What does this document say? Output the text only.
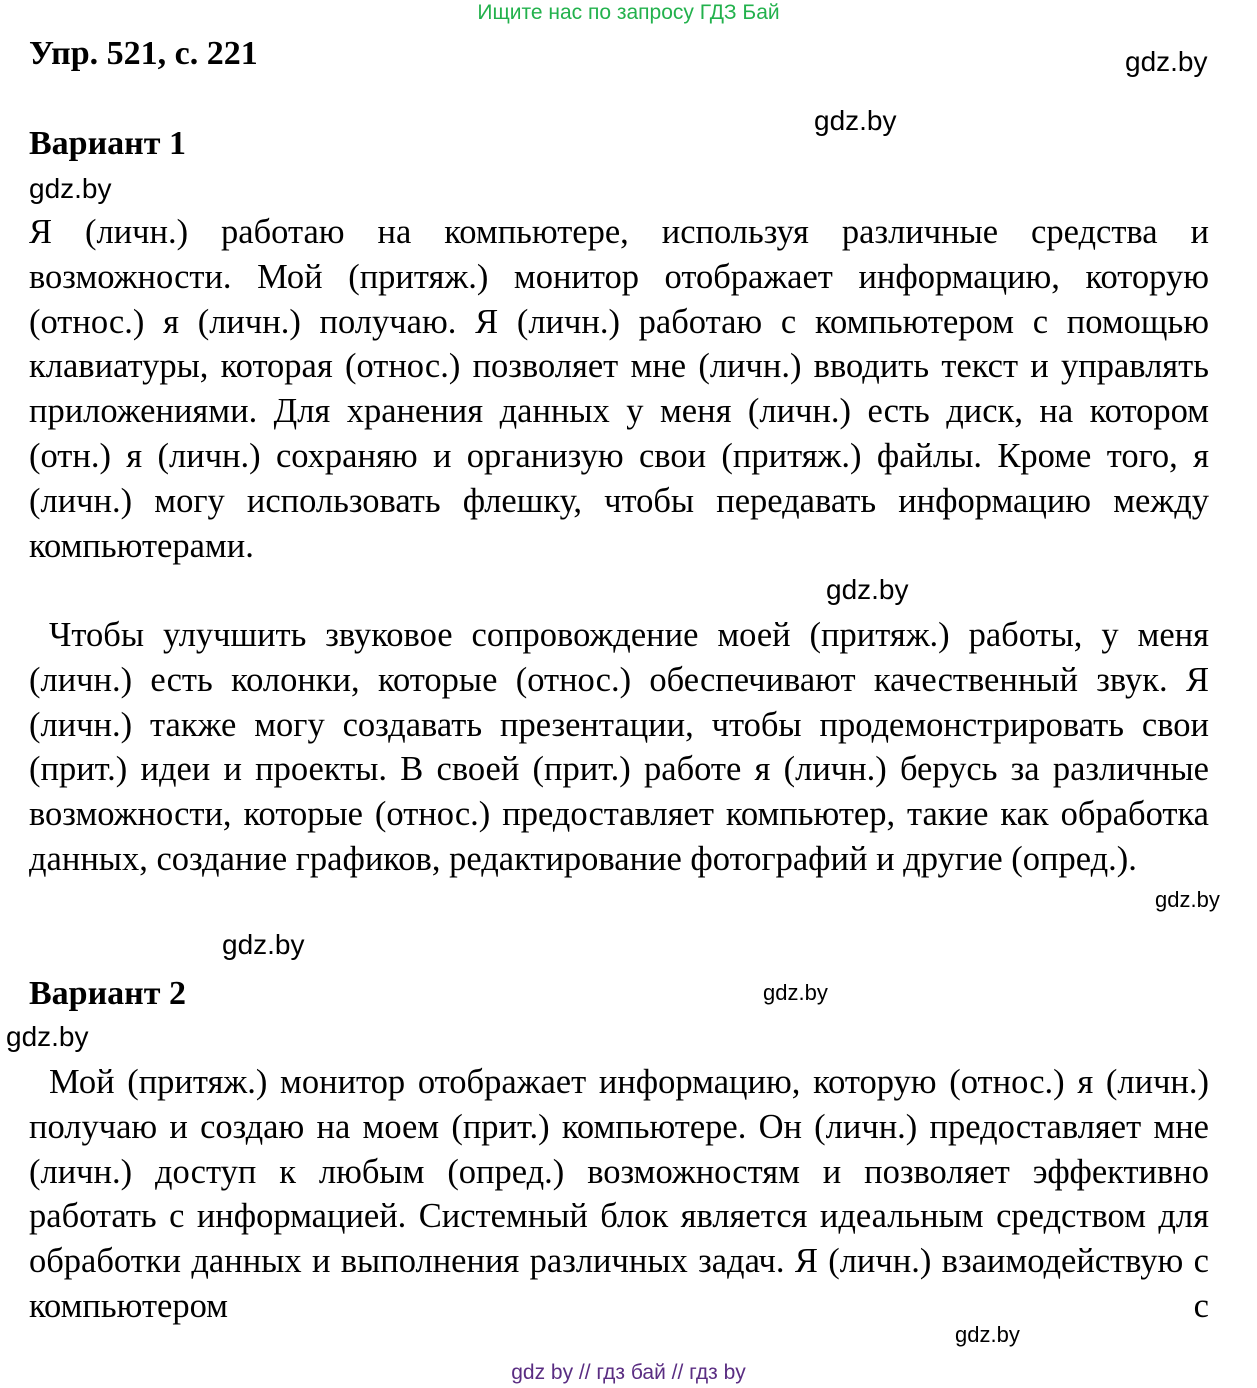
Ищите нас по запросу ГДЗ Бай
Упр. 521, с. 221	gdz.by
gdz.by
Вариант 1
gdz.by

Я (личн.) работаю на компьютере, используя различные средства и возможности. Мой (притяж.) монитор отображает информацию, которую (относ.) я (личн.) получаю. Я (личн.) работаю с компьютером с помощью клавиатуры, которая (относ.) позволяет мне (личн.) вводить текст и управлять приложениями. Для хранения данных у меня (личн.) есть диск, на котором (отн.) я (личн.) сохраняю и организую свои (притяж.) файлы. Кроме того, я (личн.) могу использовать флешку, чтобы передавать информацию между компьютерами.

gdz.by

Чтобы улучшить звуковое сопровождение моей (притяж.) работы, у меня (личн.) есть колонки, которые (относ.) обеспечивают качественный звук. Я (личн.) также могу создавать презентации, чтобы продемонстрировать свои (прит.) идеи и проекты. В своей (прит.) работе я (личн.) берусь за различные возможности, которые (относ.) предоставляет компьютер, такие как обработка данных, создание графиков, редактирование фотографий и другие (опред.).

gdz.by
gdz.by
Вариант 2	gdz.by
gdz.by

Мой (притяж.) монитор отображает информацию, которую (относ.) я (личн.) получаю и создаю на моем (прит.) компьютере. Он (личн.) предоставляет мне (личн.) доступ к любым (опред.) возможностям и позволяет эффективно работать с информацией. Системный блок является идеальным средством для обработки данных и выполнения различных задач. Я (личн.) взаимодействую с компьютером с

gdz.by
gdz by // гдз бай // гдз by
